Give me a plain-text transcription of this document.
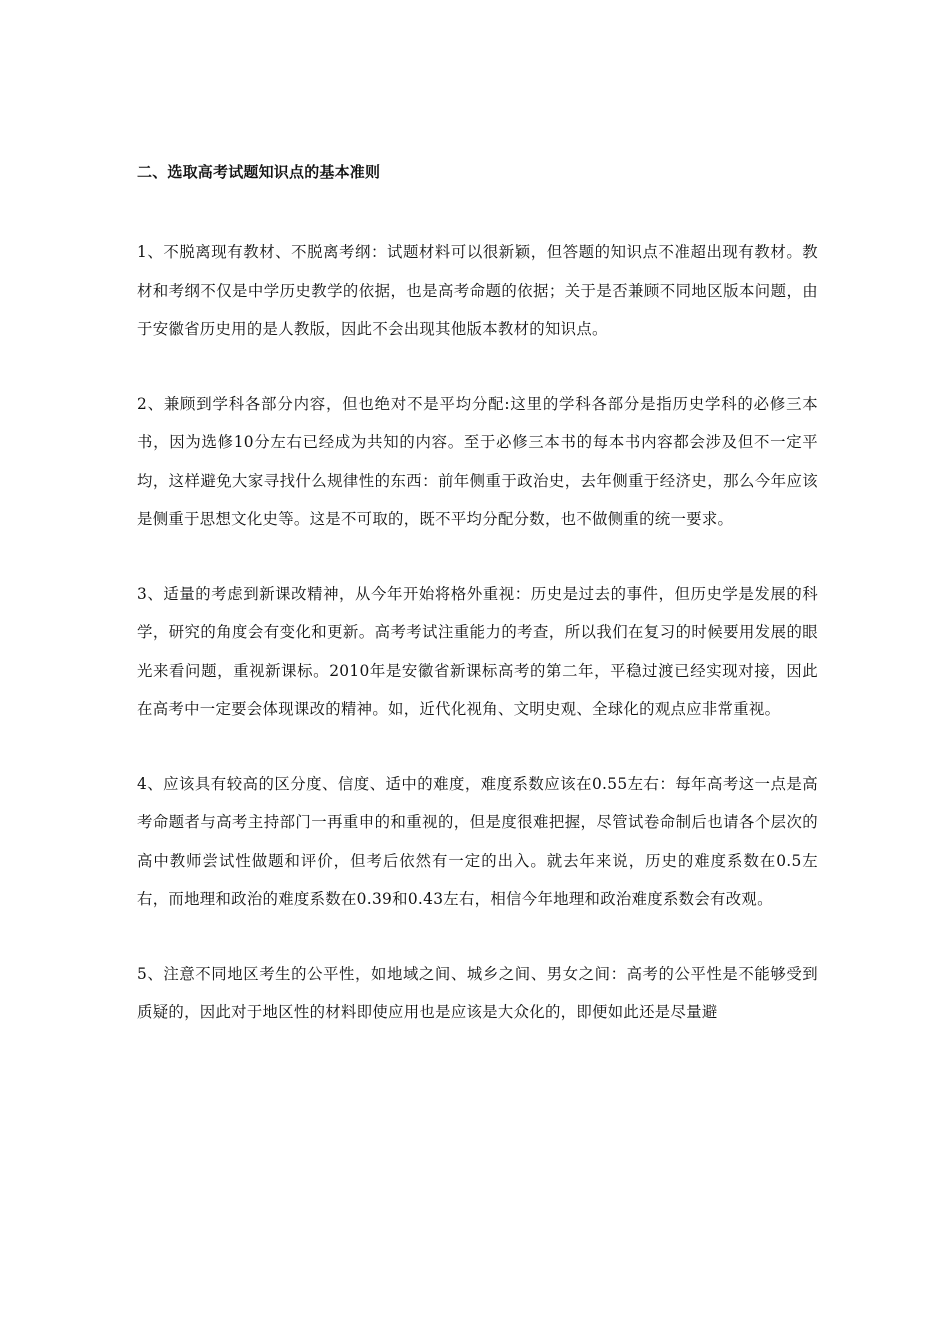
二、选取高考试题知识点的基本准则
1、不脱离现有教材、不脱离考纲：试题材料可以很新颖，但答题的知识点不准超出现有教材。教材和考纲不仅是中学历史教学的依据，也是高考命题的依据；关于是否兼顾不同地区版本问题，由于安徽省历史用的是人教版，因此不会出现其他版本教材的知识点。
2、兼顾到学科各部分内容，但也绝对不是平均分配:这里的学科各部分是指历史学科的必修三本书，因为选修10分左右已经成为共知的内容。至于必修三本书的每本书内容都会涉及但不一定平均，这样避免大家寻找什么规律性的东西：前年侧重于政治史，去年侧重于经济史，那么今年应该是侧重于思想文化史等。这是不可取的，既不平均分配分数，也不做侧重的统一要求。
3、适量的考虑到新课改精神，从今年开始将格外重视：历史是过去的事件，但历史学是发展的科学，研究的角度会有变化和更新。高考考试注重能力的考查，所以我们在复习的时候要用发展的眼光来看问题，重视新课标。2010年是安徽省新课标高考的第二年，平稳过渡已经实现对接，因此在高考中一定要会体现课改的精神。如，近代化视角、文明史观、全球化的观点应非常重视。
4、应该具有较高的区分度、信度、适中的难度，难度系数应该在0.55左右：每年高考这一点是高考命题者与高考主持部门一再重申的和重视的，但是度很难把握，尽管试卷命制后也请各个层次的高中教师尝试性做题和评价，但考后依然有一定的出入。就去年来说，历史的难度系数在0.5左右，而地理和政治的难度系数在0.39和0.43左右，相信今年地理和政治难度系数会有改观。
5、注意不同地区考生的公平性，如地域之间、城乡之间、男女之间：高考的公平性是不能够受到质疑的，因此对于地区性的材料即使应用也是应该是大众化的，即便如此还是尽量避
